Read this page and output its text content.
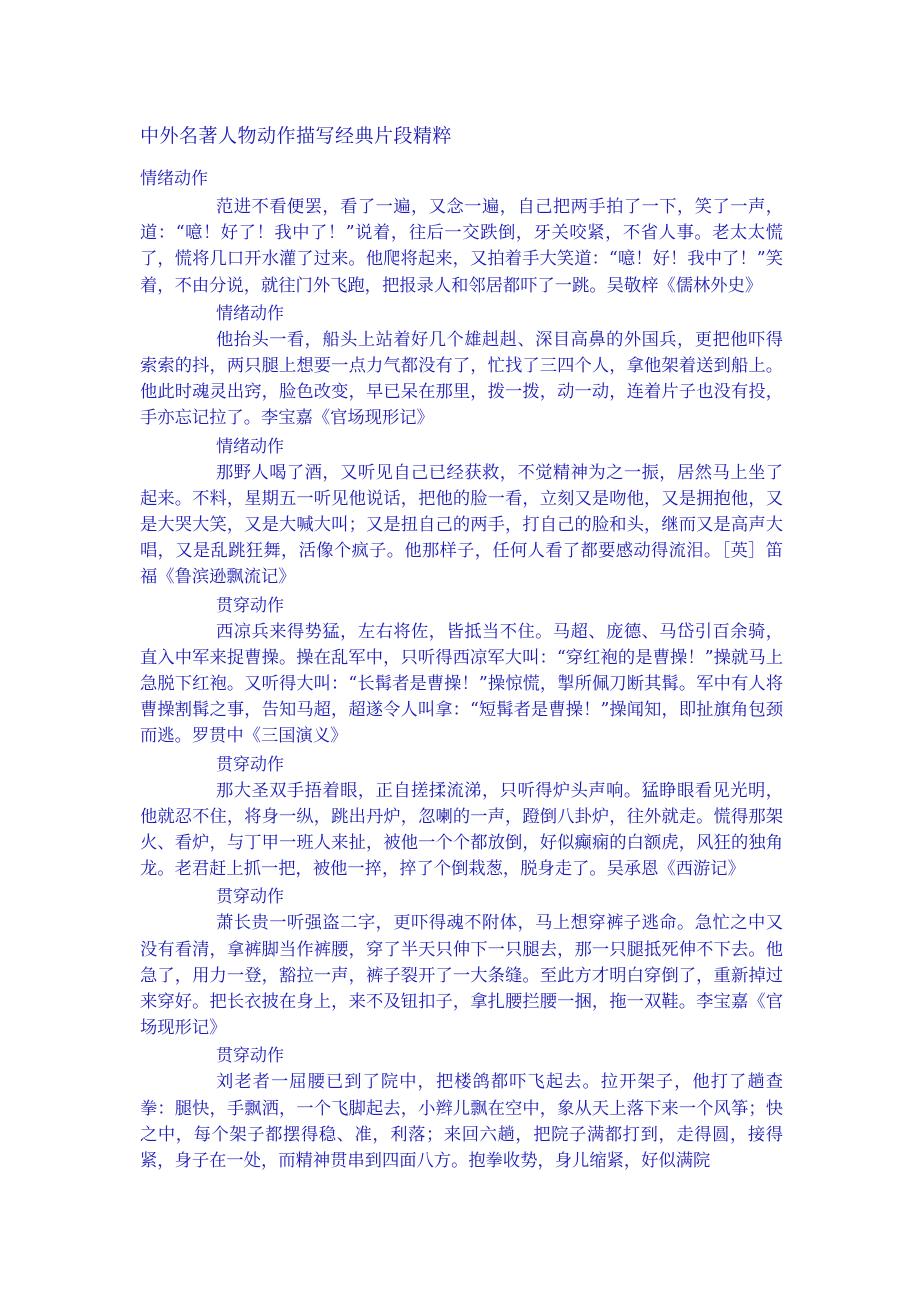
中外名著人物动作描写经典片段精粹
情绪动作

范进不看便罢，看了一遍，又念一遍，自己把两手拍了一下，笑了一声，道：“噫！好了！我中了！”说着，往后一交跌倒，牙关咬紧，不省人事。老太太慌了，慌将几口开水灌了过来。他爬将起来，又拍着手大笑道：“噫！好！我中了！”笑着，不由分说，就往门外飞跑，把报录人和邻居都吓了一跳。吴敬梓《儒林外史》

情绪动作

他抬头一看，船头上站着好几个雄赳赳、深目高鼻的外国兵，更把他吓得索索的抖，两只腿上想要一点力气都没有了，忙找了三四个人，拿他架着送到船上。他此时魂灵出窍，脸色改变，早已呆在那里，拨一拨，动一动，连着片子也没有投，手亦忘记拉了。李宝嘉《官场现形记》

情绪动作

那野人喝了酒，又听见自己已经获救，不觉精神为之一振，居然马上坐了起来。不料，星期五一听见他说话，把他的脸一看，立刻又是吻他，又是拥抱他，又是大哭大笑，又是大喊大叫；又是扭自己的两手，打自己的脸和头，继而又是高声大唱，又是乱跳狂舞，活像个疯子。他那样子，任何人看了都要感动得流泪。［英］笛福《鲁滨逊飘流记》

贯穿动作

西凉兵来得势猛，左右将佐，皆抵当不住。马超、庞德、马岱引百余骑，直入中军来捉曹操。操在乱军中，只听得西凉军大叫：“穿红袍的是曹操！”操就马上急脱下红袍。又听得大叫：“长髯者是曹操！”操惊慌，掣所佩刀断其髯。军中有人将曹操割髯之事，告知马超，超遂令人叫拿：“短髯者是曹操！”操闻知，即扯旗角包颈而逃。罗贯中《三国演义》

贯穿动作

那大圣双手捂着眼，正自搓揉流涕，只听得炉头声响。猛睁眼看见光明，他就忍不住，将身一纵，跳出丹炉，忽喇的一声，蹬倒八卦炉，往外就走。慌得那架火、看炉，与丁甲一班人来扯，被他一个个都放倒，好似癫痫的白额虎，风狂的独角龙。老君赶上抓一把，被他一捽，捽了个倒栽葱，脱身走了。吴承恩《西游记》

贯穿动作

萧长贵一听强盗二字，更吓得魂不附体，马上想穿裤子逃命。急忙之中又没有看清，拿裤脚当作裤腰，穿了半天只伸下一只腿去，那一只腿抵死伸不下去。他急了，用力一登，豁拉一声，裤子裂开了一大条缝。至此方才明白穿倒了，重新掉过来穿好。把长衣披在身上，来不及钮扣子，拿扎腰拦腰一捆，拖一双鞋。李宝嘉《官场现形记》

贯穿动作

刘老者一屈腰已到了院中，把楼鸽都吓飞起去。拉开架子，他打了趟查拳：腿快，手飘洒，一个飞脚起去，小辫儿飘在空中，象从天上落下来一个风筝；快之中，每个架子都摆得稳、准，利落；来回六趟，把院子满都打到，走得圆，接得紧，身子在一处，而精神贯串到四面八方。抱拳收势，身儿缩紧，好似满院
